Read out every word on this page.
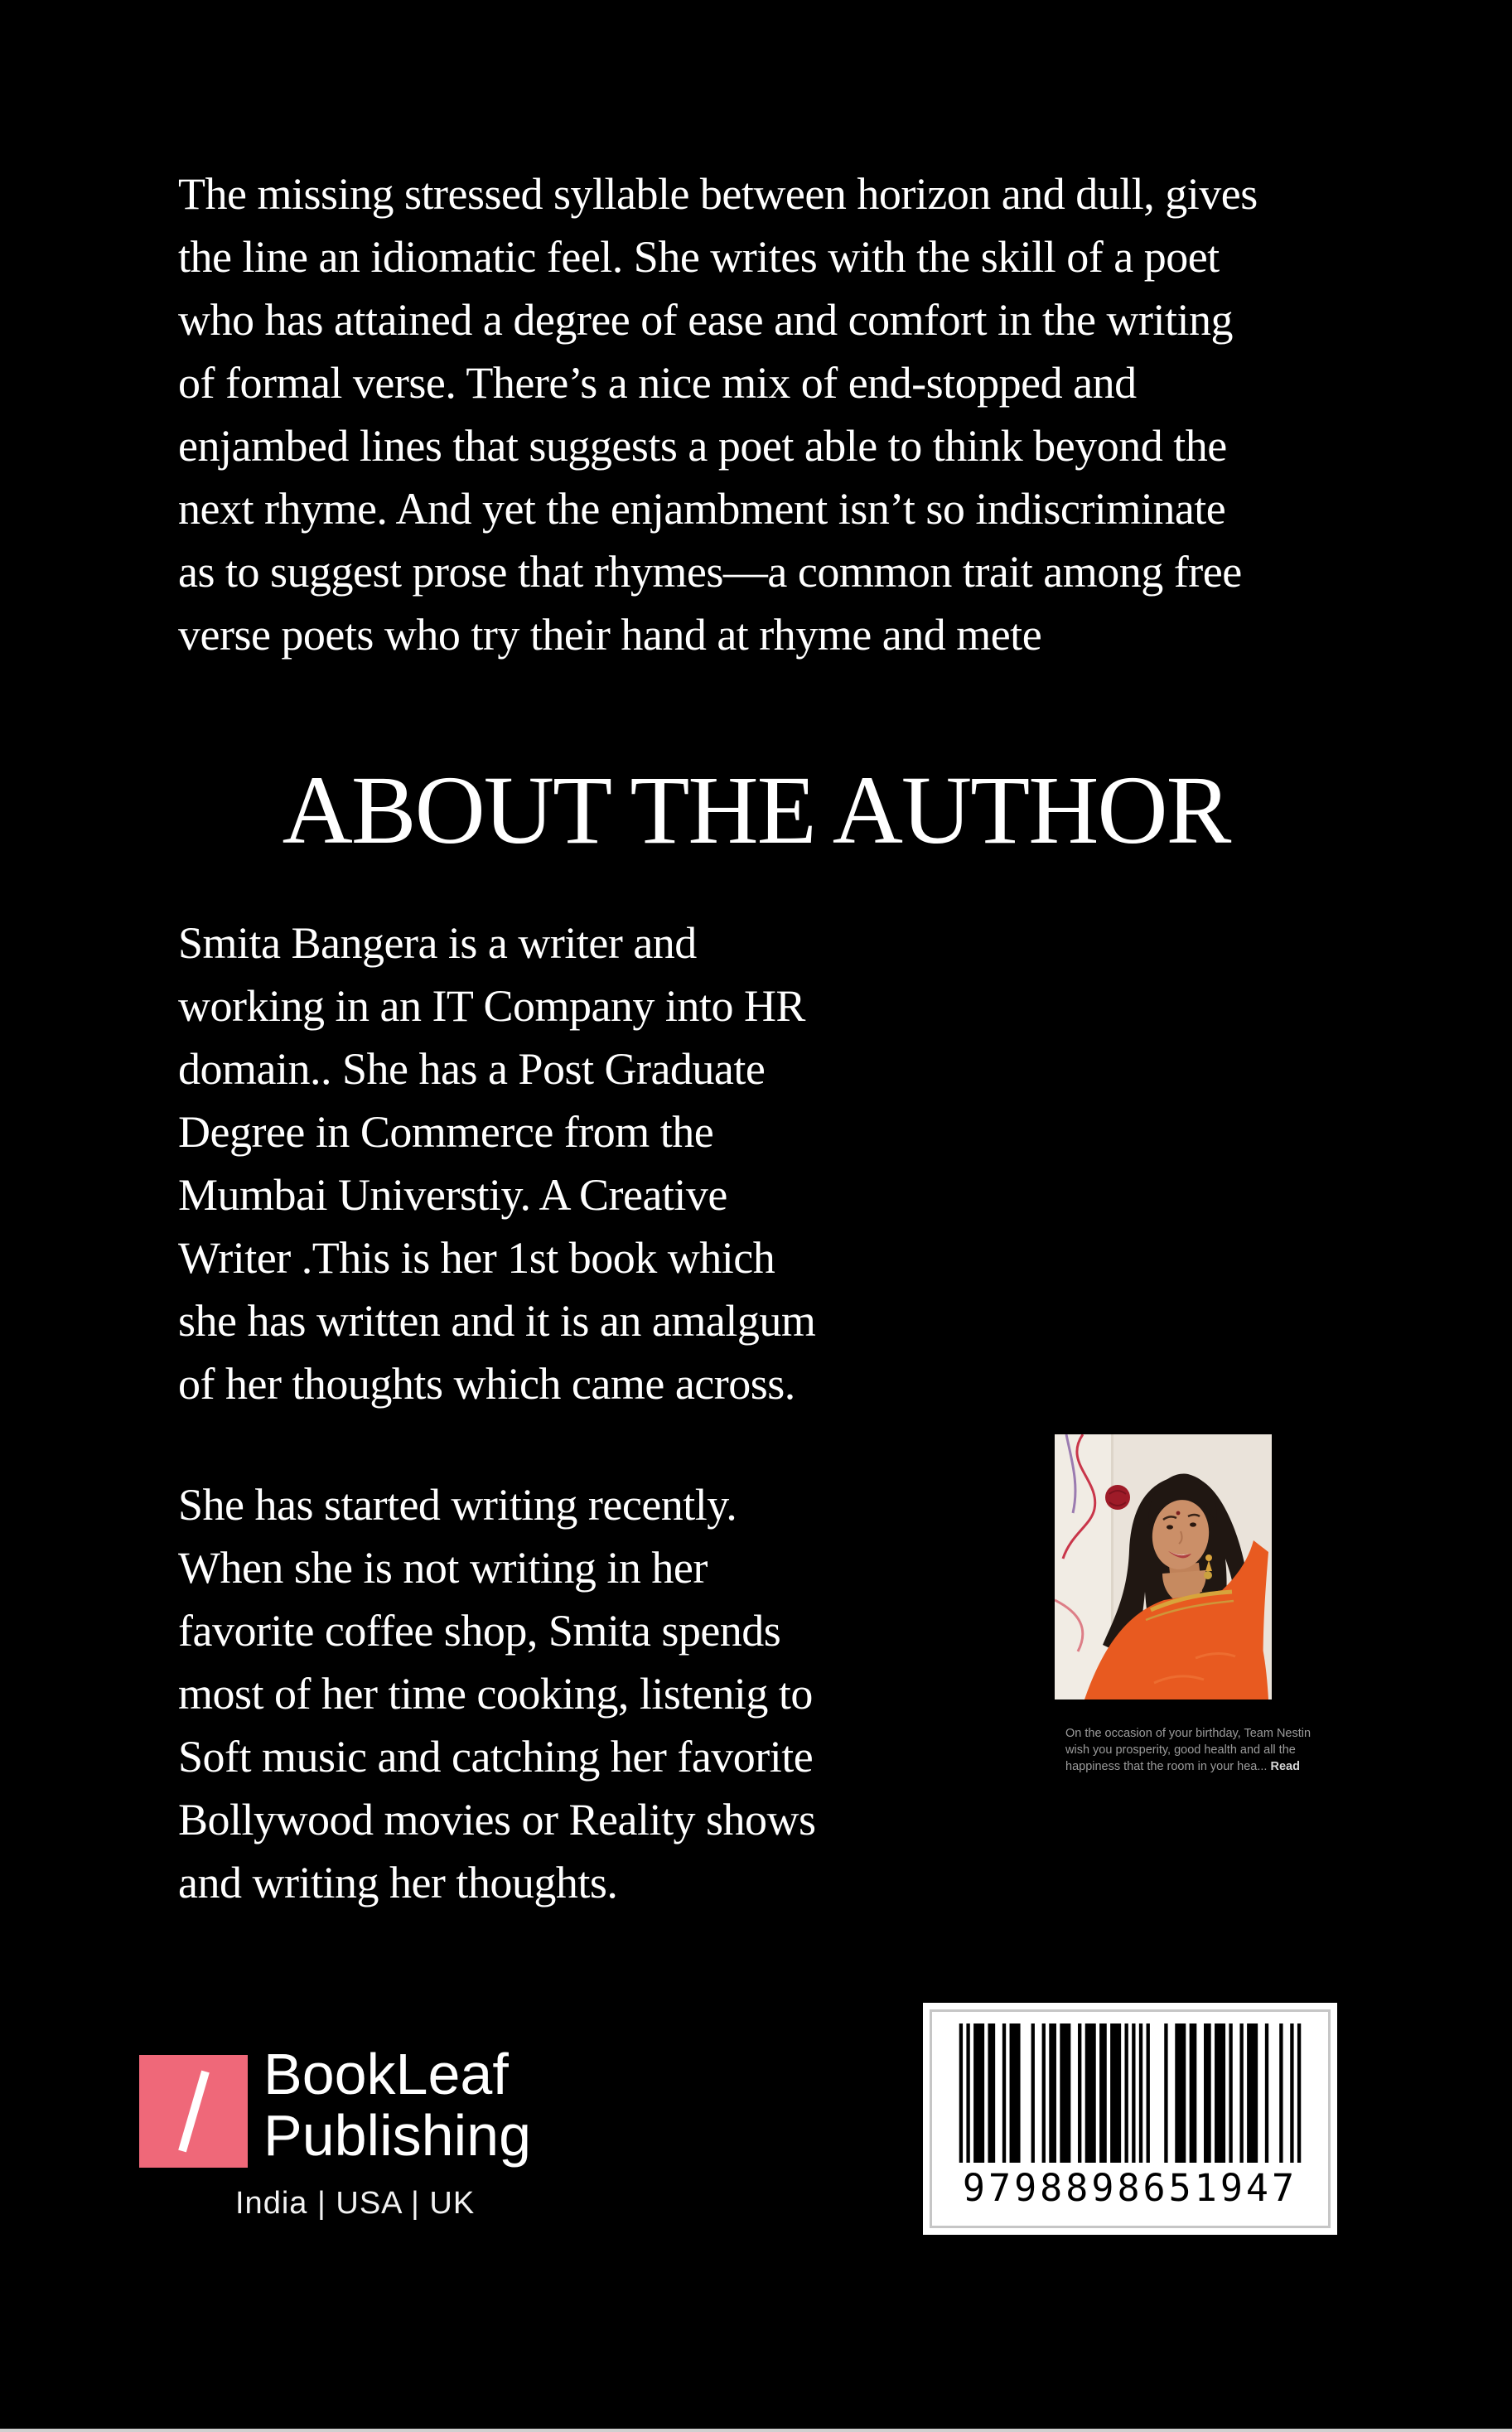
The missing stressed syllable between horizon and dull, gives
the line an idiomatic feel. She writes with the skill of a poet
who has attained a degree of ease and comfort in the writing
of formal verse. There’s a nice mix of end-stopped and
enjambed lines that suggests a poet able to think beyond the
next rhyme. And yet the enjambment isn’t so indiscriminate
as to suggest prose that rhymes—a common trait among free
verse poets who try their hand at rhyme and mete
ABOUT THE AUTHOR
Smita Bangera is a writer and
working in an IT Company into HR
domain.. She has a Post Graduate
Degree in Commerce from the
Mumbai Universtiy. A Creative
Writer .This is her 1st book which
she has written and it is an amalgum
of her thoughts which came across.
She has started writing recently.
When she is not writing in her
favorite coffee shop, Smita spends
most of her time cooking, listenig to
Soft music and catching her favorite
Bollywood movies or Reality shows
and writing her thoughts.
On the occasion of your birthday, Team Nestin
wish you prosperity, good health and all the
happiness that the room in your hea... Read
BookLeaf
Publishing
India | USA | UK	9798898651947
